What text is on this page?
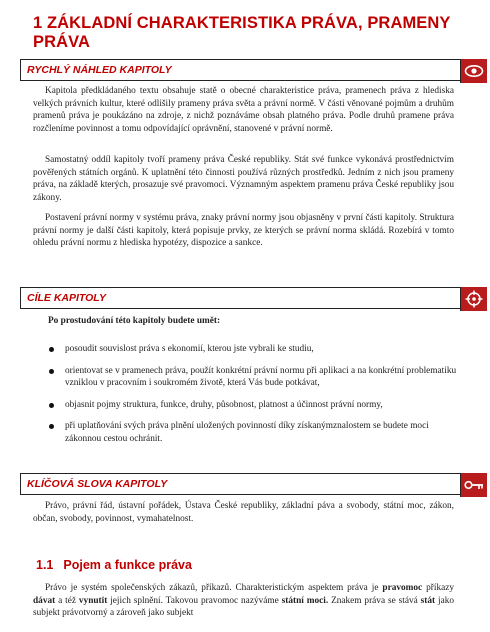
1 ZÁKLADNÍ CHARAKTERISTIKA PRÁVA, PRAMENY PRÁVA
RYCHLÝ NÁHLED KAPITOLY

Kapitola předkládaného textu obsahuje statě o obecné charakteristice práva, pramenech práva z hlediska velkých právních kultur, které odlišily prameny práva světa a právní normě. V části věnované pojmům a druhům pramenů práva je poukázáno na zdroje, z nichž poznáváme obsah platného práva. Podle druhů pramene práva rozčleníme povinnost a tomu odpovídající oprávnění, stanovené v právní normě.

Samostatný oddíl kapitoly tvoří prameny práva České republiky. Stát své funkce vykonává prostřednictvím pověřených státních orgánů. K uplatnění této činnosti používá různých prostředků. Jedním z nich jsou prameny práva, na základě kterých, prosazuje své pravomoci. Významným aspektem pramenu práva České republiky jsou zákony.

Postavení právní normy v systému práva, znaky právní normy jsou objasněny v první části kapitoly. Struktura právní normy je další části kapitoly, která popisuje prvky, ze kterých se právní norma skládá. Rozebírá v tomto ohledu právní normu z hlediska hypotézy, dispozice a sankce.

CÍLE KAPITOLY

Po prostudování této kapitoly budete umět:

posoudit souvislost práva s ekonomií, kterou jste vybrali ke studiu,
orientovat se v pramenech práva, použít konkrétní právní normu při aplikaci a na konkrétní problematiku vzniklou v pracovním i soukromém životě, která Vás bude potkávat,
objasnit pojmy struktura, funkce, druhy, působnost, platnost a účinnost právní normy,
při uplatňování svých práva plnění uložených povinností díky získanýmznalostem se budete moci zákonnou cestou ochránit.
KLÍČOVÁ SLOVA KAPITOLY

Právo, právní řád, ústavní pořádek, Ústava České republiky, základní páva a svobody, státní moc, zákon, občan, svobody, povinnost, vymahatelnost.

1.1 Pojem a funkce práva

Právo je systém společenských zákazů, příkazů. Charakteristickým aspektem práva je pravomoc příkazy dávat a též vynutit jejich splnění. Takovou pravomoc nazýváme státní moci. Znakem práva se stává stát jako subjekt právotvorný a zároveň jako subjekt
